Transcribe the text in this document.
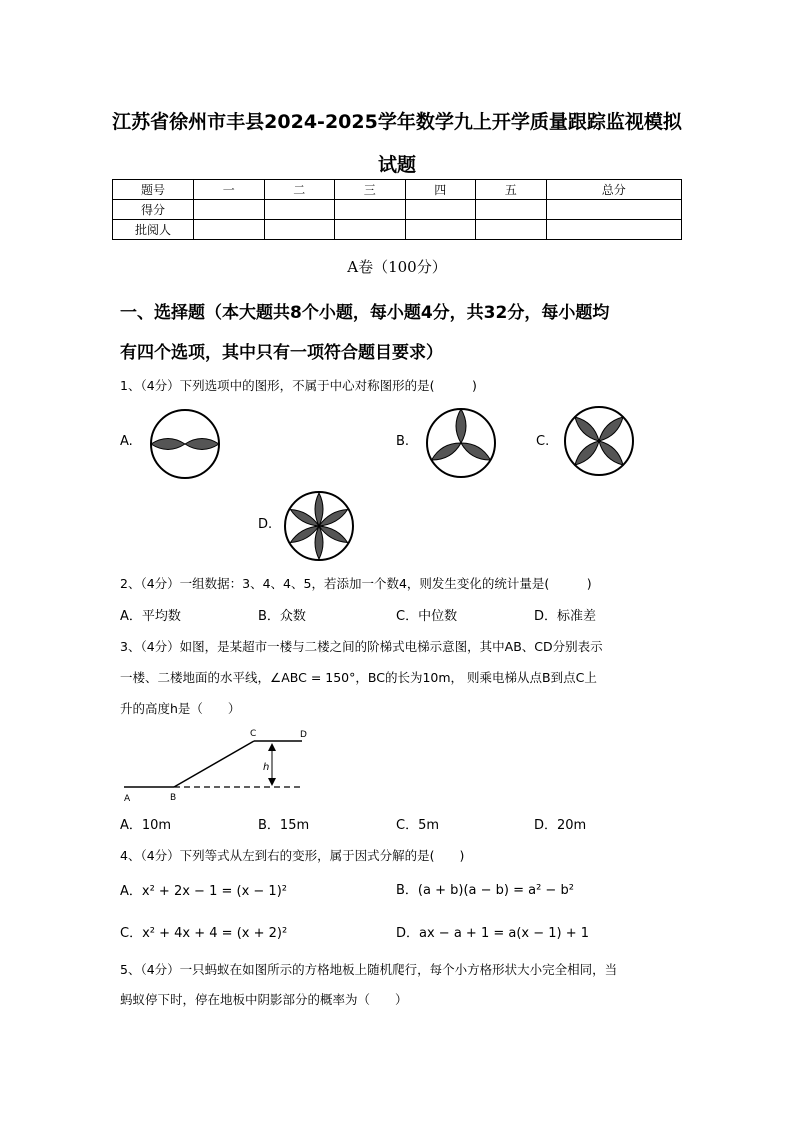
江苏省徐州市丰县2024-2025学年数学九上开学质量跟踪监视模拟
试题
题号	一	二	三	四	五	总分
得分						
批阅人						
A卷（100分）
一、选择题（本大题共8个小题，每小题4分，共32分，每小题均
有四个选项，其中只有一项符合题目要求）
1、（4分）下列选项中的图形，不属于中心对称图形的是(　　　)
A.	B.	C.
D.
2、（4分）一组数据：3、4、4、5，若添加一个数4，则发生变化的统计量是(　　　)
A．平均数	B．众数	C．中位数	D．标准差
3、（4分）如图，是某超市一楼与二楼之间的阶梯式电梯示意图，其中AB、CD分别表示
一楼、二楼地面的水平线，∠ABC = 150°，BC的长为10m， 则乘电梯从点B到点C上
升的高度h是（　　）
A	B
C	D
h
A．10m	B．15m	C．5m	D．20m
4、（4分）下列等式从左到右的变形，属于因式分解的是(　　)
A．x² + 2x − 1 = (x − 1)²	B．(a + b)(a − b) = a² − b²
C．x² + 4x + 4 = (x + 2)²	D．ax − a + 1 = a(x − 1) + 1
5、（4分）一只蚂蚁在如图所示的方格地板上随机爬行，每个小方格形状大小完全相同，当
蚂蚁停下时，停在地板中阴影部分的概率为（　　）
